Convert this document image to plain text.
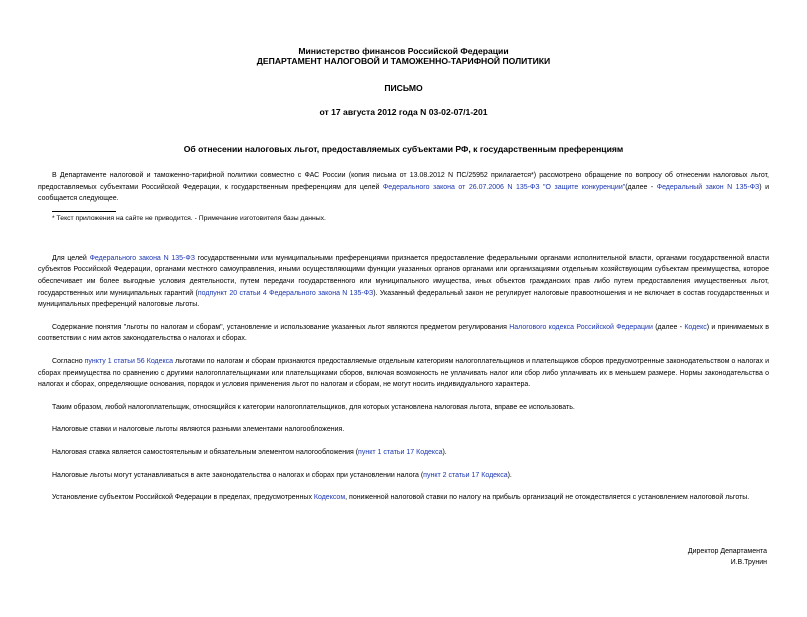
Министерство финансов Российской Федерации
ДЕПАРТАМЕНТ НАЛОГОВОЙ И ТАМОЖЕННО-ТАРИФНОЙ ПОЛИТИКИ
ПИСЬМО
от 17 августа 2012 года N 03-02-07/1-201
Об отнесении налоговых льгот, предоставляемых субъектами РФ, к государственным преференциям

В Департаменте налоговой и таможенно-тарифной политики совместно с ФАС России (копия письма от 13.08.2012 N ПС/25952 прилагается*) рассмотрено обращение по вопросу об отнесении налоговых льгот, предоставляемых субъектами Российской Федерации, к государственным преференциям для целей Федерального закона от 26.07.2006 N 135-ФЗ "О защите конкуренции"(далее - Федеральный закон N 135-ФЗ) и сообщается следующее.

* Текст приложения на сайте не приводится. - Примечание изготовителя базы данных.

Для целей Федерального закона N 135-ФЗ государственными или муниципальными преференциями признается предоставление федеральными органами исполнительной власти, органами государственной власти субъектов Российской Федерации, органами местного самоуправления, иными осуществляющими функции указанных органов органами или организациями отдельным хозяйствующим субъектам преимущества, которое обеспечивает им более выгодные условия деятельности, путем передачи государственного или муниципального имущества, иных объектов гражданских прав либо путем предоставления имущественных льгот, государственных или муниципальных гарантий (подпункт 20 статьи 4 Федерального закона N 135-ФЗ). Указанный федеральный закон не регулирует налоговые правоотношения и не включает в состав государственных и муниципальных преференций налоговые льготы.

Содержание понятия "льготы по налогам и сборам", установление и использование указанных льгот являются предметом регулирования Налогового кодекса Российской Федерации (далее - Кодекс) и принимаемых в соответствии с ним актов законодательства о налогах и сборах.

Согласно пункту 1 статьи 56 Кодекса льготами по налогам и сборам признаются предоставляемые отдельным категориям налогоплательщиков и плательщиков сборов предусмотренные законодательством о налогах и сборах преимущества по сравнению с другими налогоплательщиками или плательщиками сборов, включая возможность не уплачивать налог или сбор либо уплачивать их в меньшем размере. Нормы законодательства о налогах и сборах, определяющие основания, порядок и условия применения льгот по налогам и сборам, не могут носить индивидуального характера.

Таким образом, любой налогоплательщик, относящийся к категории налогоплательщиков, для которых установлена налоговая льгота, вправе ее использовать.

Налоговые ставки и налоговые льготы являются разными элементами налогообложения.

Налоговая ставка является самостоятельным и обязательным элементом налогообложения (пункт 1 статьи 17 Кодекса).

Налоговые льготы могут устанавливаться в акте законодательства о налогах и сборах при установлении налога (пункт 2 статьи 17 Кодекса).

Установление субъектом Российской Федерации в пределах, предусмотренных Кодексом, пониженной налоговой ставки по налогу на прибыль организаций не отождествляется с установлением налоговой льготы.

Директор Департамента
И.В.Трунин
